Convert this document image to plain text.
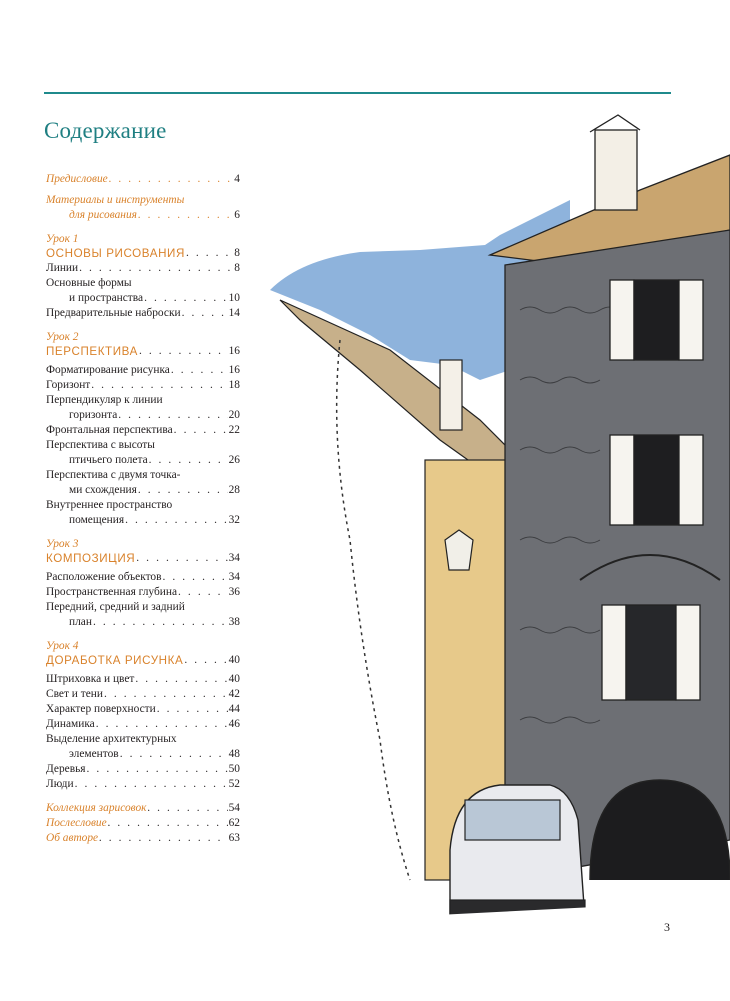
Содержание
Предисловие . . .	4
Материалы и инструменты
для рисования . . .	6
Урок 1
ОСНОВЫ РИСОВАНИЯ . . .	8
Линии . . .	8
Основные формы
и пространства . . .	10
Предварительные наброски . . .	14
Урок 2
ПЕРСПЕКТИВА . . .	16
Форматирование рисунка . . .	16
Горизонт . . .	18
Перпендикуляр к линии
горизонта . . .	20
Фронтальная перспектива . . .	22
Перспектива с высоты
птичьего полета . . .	26
Перспектива с двумя точка-
ми схождения . . .	28
Внутреннее пространство
помещения . . .	32
Урок 3
КОМПОЗИЦИЯ . . .	34
Расположение объектов . . .	34
Пространственная глубина . . .	36
Передний, средний и задний
план . . .	38
Урок 4
ДОРАБОТКА РИСУНКА . . .	40
Штриховка и цвет . . .	40
Свет и тени . . .	42
Характер поверхности . . .	44
Динамика . . .	46
Выделение архитектурных
элементов . . .	48
Деревья . . .	50
Люди . . .	52
Коллекция зарисовок . . .	54
Послесловие . . .	62
Об авторе . . .	63
3
